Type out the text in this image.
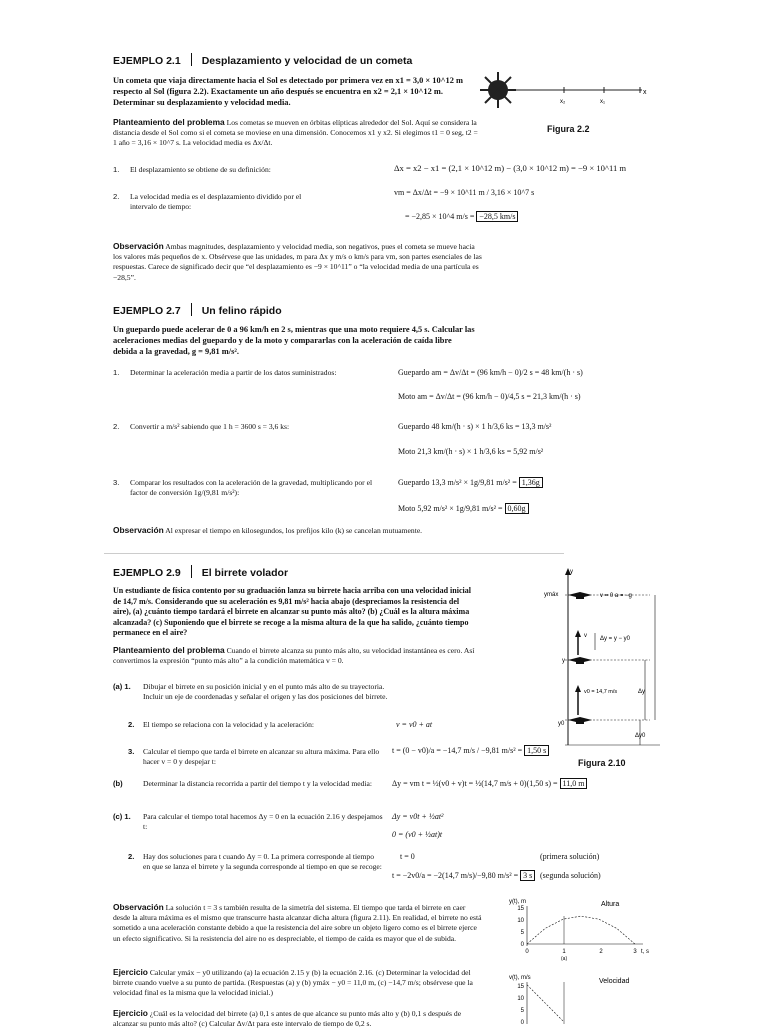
EJEMPLO 2.1 Desplazamiento y velocidad de un cometa
Un cometa que viaja directamente hacia el Sol es detectado por primera vez en x1 = 3,0 × 10^12 m respecto al Sol (figura 2.2). Exactamente un año después se encuentra en x2 = 2,1 × 10^12 m. Determinar su desplazamiento y velocidad media.
Planteamiento del problema Los cometas se mueven en órbitas elípticas alrededor del Sol. Aquí se considera la distancia desde el Sol como si el cometa se moviese en una dimensión. Conocemos x1 y x2. Si elegimos t1 = 0 seg, t2 = 1 año = 3,16 × 10^7 s. La velocidad media es Δx/Δt.
1.	El desplazamiento se obtiene de su definición:	Δx = x2 − x1 = (2,1 × 10^12 m) − (3,0 × 10^12 m) = −9 × 10^11 m
2.	La velocidad media es el desplazamiento dividido por el intervalo de tiempo:
vm = Δx/Δt = −9 × 10^11 m / 3,16 × 10^7 s
= −2,85 × 10^4 m/s = −28,5 km/s
Observación Ambas magnitudes, desplazamiento y velocidad media, son negativos, pues el cometa se mueve hacia los valores más pequeños de x. Obsérvese que las unidades, m para Δx y m/s o km/s para vm, son partes esenciales de las respuestas. Carece de significado decir que “el desplazamiento es −9 × 10^11” o “la velocidad media de una partícula es −28,5”.
x₂	x₁
x
Figura 2.2
EJEMPLO 2.7 Un felino rápido
Un guepardo puede acelerar de 0 a 96 km/h en 2 s, mientras que una moto requiere 4,5 s. Calcular las aceleraciones medias del guepardo y de la moto y compararlas con la aceleración de caída libre debida a la gravedad, g = 9,81 m/s².
1.	Determinar la aceleración media a partir de los datos suministrados:	Guepardo am = Δv/Δt = (96 km/h − 0)/2 s = 48 km/(h · s)
Moto am = Δv/Δt = (96 km/h − 0)/4,5 s = 21,3 km/(h · s)
2.	Convertir a m/s² sabiendo que 1 h = 3600 s = 3,6 ks:	Guepardo 48 km/(h · s) × 1 h/3,6 ks = 13,3 m/s²
Moto 21,3 km/(h · s) × 1 h/3,6 ks = 5,92 m/s²
3.	Comparar los resultados con la aceleración de la gravedad, multiplicando por el factor de conversión 1g/(9,81 m/s²):
Guepardo 13,3 m/s² × 1g/9,81 m/s² = 1,36g
Moto 5,92 m/s² × 1g/9,81 m/s² = 0,60g
Observación Al expresar el tiempo en kilosegundos, los prefijos kilo (k) se cancelan mutuamente.
EJEMPLO 2.9 El birrete volador
Un estudiante de física contento por su graduación lanza su birrete hacia arriba con una velocidad inicial de 14,7 m/s. Considerando que su aceleración es 9,81 m/s² hacia abajo (despreciamos la resistencia del aire), (a) ¿cuánto tiempo tardará el birrete en alcanzar su punto más alto? (b) ¿Cuál es la altura máxima alcanzada? (c) Suponiendo que el birrete se recoge a la misma altura de la que ha salido, ¿cuánto tiempo permanece en el aire?
Planteamiento del problema Cuando el birrete alcanza su punto más alto, su velocidad instantánea es cero. Así convertimos la expresión “punto más alto” a la condición matemática v = 0.
(a) 1. Dibujar el birrete en su posición inicial y en el punto más alto de su trayectoria. Incluir un eje de coordenadas y señalar el origen y las dos posiciones del birrete.
2. El tiempo se relaciona con la velocidad y la aceleración:	v = v0 + at
3. Calcular el tiempo que tarda el birrete en alcanzar su altura máxima. Para ello hacer v = 0 y despejar t:
t = (0 − v0)/a = −14,7 m/s / −9,81 m/s² = 1,50 s
(b)	Determinar la distancia recorrida a partir del tiempo t y la velocidad media:	Δy = vm t = ½(v0 + v)t = ½(14,7 m/s + 0)(1,50 s) = 11,0 m
(c) 1. Para calcular el tiempo total hacemos Δy = 0 en la ecuación 2.16 y despejamos t:
Δy = v0t + ½at²
0 = (v0 + ½at)t
2. Hay dos soluciones para t cuando Δy = 0. La primera corresponde al tiempo en que se lanza el birrete y la segunda corresponde al tiempo en que se recoge:
t = 0	(primera solución)
t = −2v0/a = −2(14,7 m/s)/−9,80 m/s² = 3 s (segunda solución)
Observación La solución t = 3 s también resulta de la simetría del sistema. El tiempo que tarda el birrete en caer desde la altura máxima es el mismo que transcurre hasta alcanzar dicha altura (figura 2.11). En realidad, el birrete no está sometido a una aceleración constante debido a que la resistencia del aire sobre un objeto ligero como es el birrete ejerce un efecto significativo. Si la resistencia del aire no es despreciable, el tiempo de caída es mayor que el de subida.
Ejercicio Calcular ymáx − y0 utilizando (a) la ecuación 2.15 y (b) la ecuación 2.16. (c) Determinar la velocidad del birrete cuando vuelve a su punto de partida. (Respuestas (a) y (b) ymáx − y0 = 11,0 m, (c) −14,7 m/s; obsérvese que la velocidad final es la misma que la velocidad inicial.)
Ejercicio ¿Cuál es la velocidad del birrete (a) 0,1 s antes de que alcance su punto más alto y (b) 0,1 s después de alcanzar su punto más alto? (c) Calcular Δv/Δt para este intervalo de tiempo de 0,2 s.
y
ymáx	v = 0 a = −g
v Δy = y − y0
y
v0 = 14,7 m/s
y0
Δy
Δy0
Figura 2.10
y(t), m	Altura
15
10
5
0
0	1	2	3 t, s
(a)
v(t), m/s	Velocidad
15
10
5
0
